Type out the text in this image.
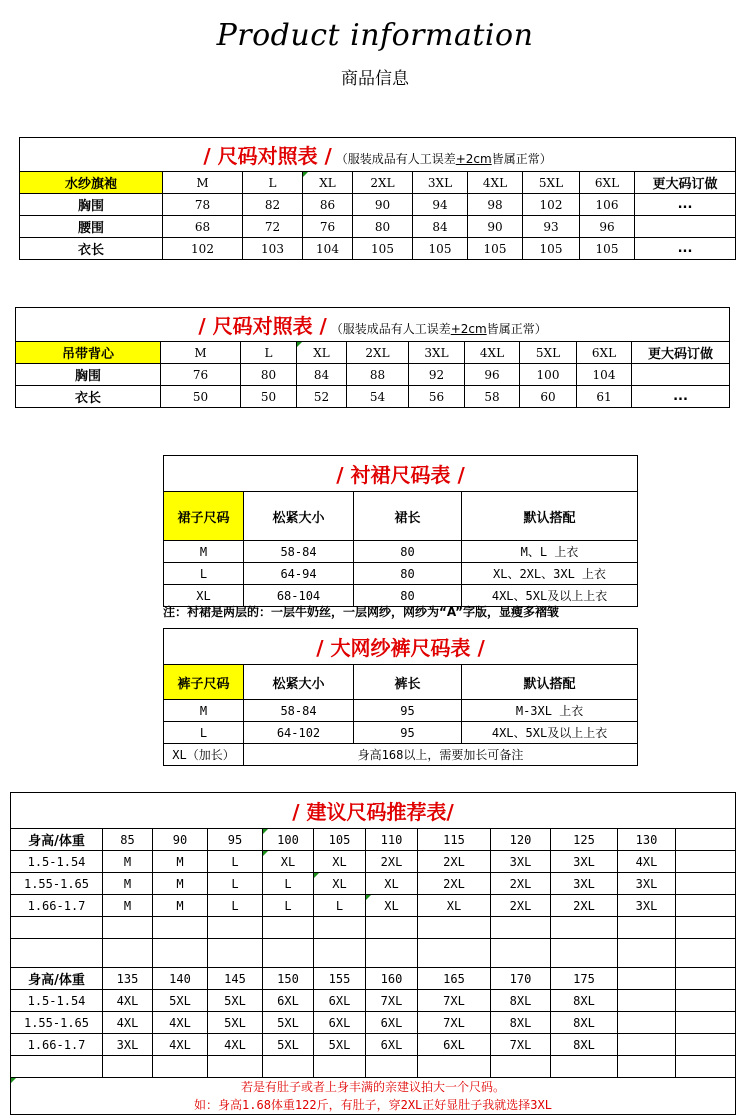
Product information
商品信息
/ 尺码对照表 / （服装成品有人工误差+2cm皆属正常）									
水纱旗袍	M	L	XL	2XL	3XL	4XL	5XL	6XL	更大码订做
胸围	78	82	86	90	94	98	102	106	...
腰围	68	72	76	80	84	90	93	96	
衣长	102	103	104	105	105	105	105	105	...
/ 尺码对照表 / （服装成品有人工误差+2cm皆属正常）									
吊带背心	M	L	XL	2XL	3XL	4XL	5XL	6XL	更大码订做
胸围	76	80	84	88	92	96	100	104	
衣长	50	50	52	54	56	58	60	61	...
/ 衬裙尺码表 /			
裙子尺码	松紧大小	裙长	默认搭配
M	58-84	80	M、L 上衣
L	64-94	80	XL、2XL、3XL 上衣
XL	68-104	80	4XL、5XL及以上上衣
注：衬裙是两层的：一层牛奶丝，一层网纱，网纱为“A”字版，显瘦多褶皱
/ 大网纱裤尺码表 /			
裤子尺码	松紧大小	裤长	默认搭配
M	58-84	95	M-3XL 上衣
L	64-102	95	4XL、5XL及以上上衣
XL（加长）	身高168以上，需要加长可备注		
/ 建议尺码推荐表/											
身高/体重	85	90	95	100	105	110	115	120	125	130	
1.5-1.54	M	M	L	XL	XL	2XL	2XL	3XL	3XL	4XL	
1.55-1.65	M	M	L	L	XL	XL	2XL	2XL	3XL	3XL	
1.66-1.7	M	M	L	L	L	XL	XL	2XL	2XL	3XL	

身高/体重	135	140	145	150	155	160	165	170	175		
1.5-1.54	4XL	5XL	5XL	6XL	6XL	7XL	7XL	8XL	8XL		
1.55-1.65	4XL	4XL	5XL	5XL	6XL	6XL	7XL	8XL	8XL		
1.66-1.7	3XL	4XL	4XL	5XL	5XL	6XL	6XL	7XL	8XL		

若是有肚子或者上身丰满的亲建议拍大一个尺码。
如：身高1.68体重122斤，有肚子，穿2XL正好显肚子我就选择3XL											
